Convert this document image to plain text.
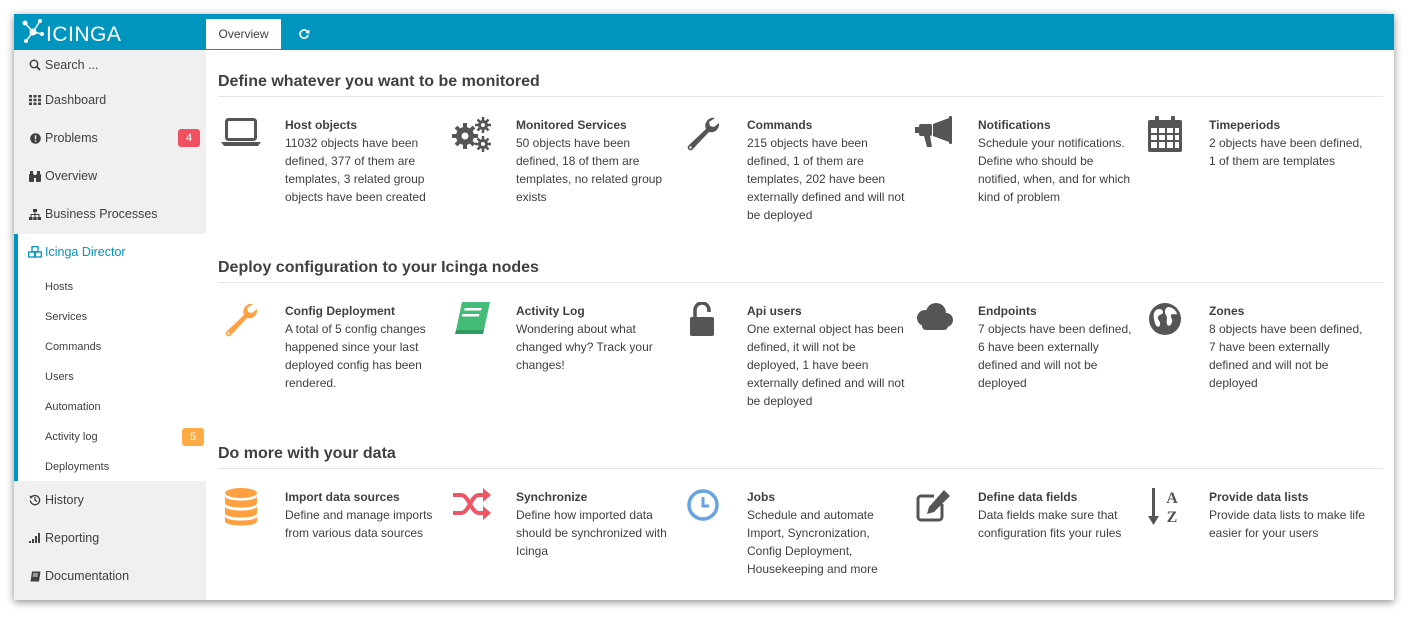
ICINGA
Search ...
Dashboard
Problems	4
Overview
Business Processes
Icinga Director
Hosts
Services
Commands
Users
Automation
Activity log	5
Deployments
History
Reporting
Documentation
Overview
Define whatever you want to be monitored
Host objects
11032 objects have been defined, 377 of them are templates, 3 related group objects have been created
Monitored Services
50 objects have been defined, 18 of them are templates, no related group exists
Commands
215 objects have been defined, 1 of them are templates, 202 have been externally defined and will not be deployed
Notifications
Schedule your notifications. Define who should be notified, when, and for which kind of problem
Timeperiods
2 objects have been defined, 1 of them are templates
Deploy configuration to your Icinga nodes
Config Deployment
A total of 5 config changes happened since your last deployed config has been rendered.
Activity Log
Wondering about what changed why? Track your changes!
Api users
One external object has been defined, it will not be deployed, 1 have been externally defined and will not be deployed
Endpoints
7 objects have been defined, 6 have been externally defined and will not be deployed
Zones
8 objects have been defined, 7 have been externally defined and will not be deployed
Do more with your data
Import data sources
Define and manage imports from various data sources
Synchronize
Define how imported data should be synchronized with Icinga
Jobs
Schedule and automate Import, Syncronization, Config Deployment, Housekeeping and more
Define data fields
Data fields make sure that configuration fits your rules
A
Z
Provide data lists
Provide data lists to make life easier for your users
